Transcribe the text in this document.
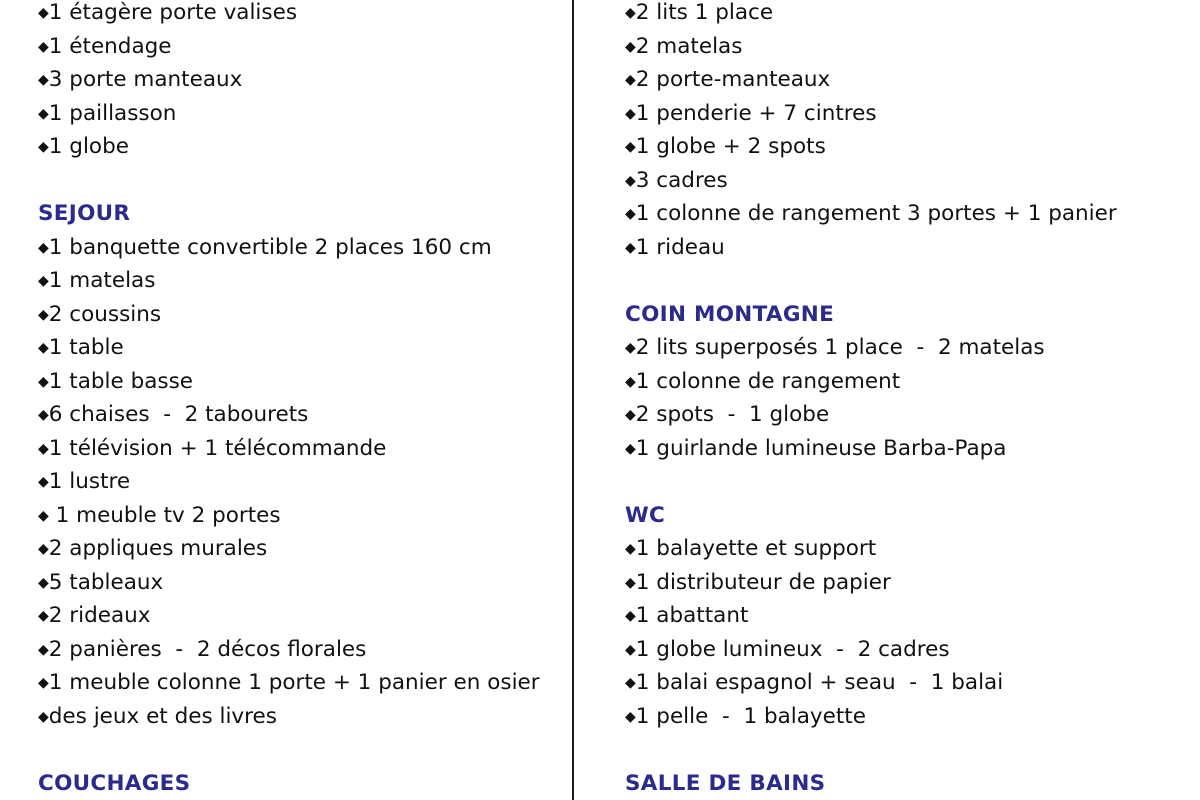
◆1 étagère porte valises
◆1 étendage
◆3 porte manteaux
◆1 paillasson
◆1 globe
SEJOUR
◆1 banquette convertible 2 places 160 cm
◆1 matelas
◆2 coussins
◆1 table
◆1 table basse
◆6 chaises  -  2 tabourets
◆1 télévision + 1 télécommande
◆1 lustre
◆ 1 meuble tv 2 portes
◆2 appliques murales
◆5 tableaux
◆2 rideaux
◆2 panières  -  2 décos florales
◆1 meuble colonne 1 porte + 1 panier en osier
◆des jeux et des livres
COUCHAGES
◆2 lits 1 place
◆2 matelas
◆2 porte-manteaux
◆1 penderie + 7 cintres
◆1 globe + 2 spots
◆3 cadres
◆1 colonne de rangement 3 portes + 1 panier
◆1 rideau
COIN MONTAGNE
◆2 lits superposés 1 place  -  2 matelas
◆1 colonne de rangement
◆2 spots  -  1 globe
◆1 guirlande lumineuse Barba-Papa
WC
◆1 balayette et support
◆1 distributeur de papier
◆1 abattant
◆1 globe lumineux  -  2 cadres
◆1 balai espagnol + seau  -  1 balai
◆1 pelle  -  1 balayette
SALLE DE BAINS
